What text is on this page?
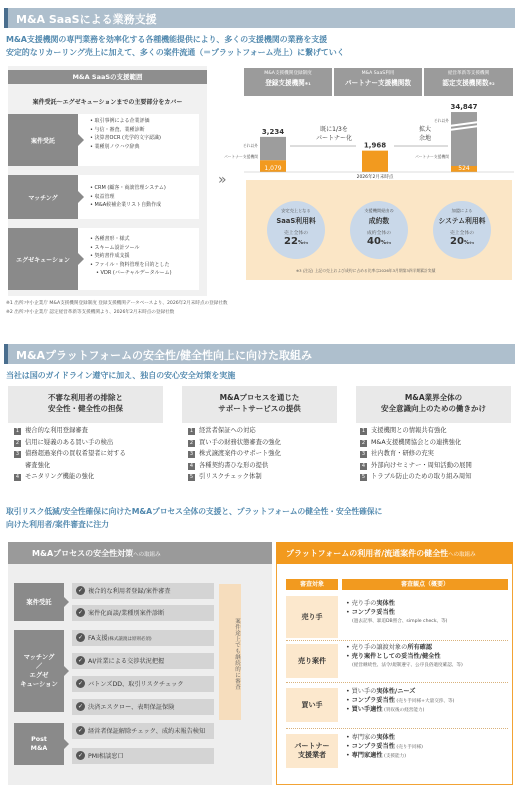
M&A SaaSによる業務支援
M&A支援機関の専門業務を効率化する各種機能提供により、多くの支援機関の業務を支援
安定的なリカーリング売上に加えて、多くの案件流通（＝プラットフォーム売上）に繋げていく
M&A SaaSの支援範囲
案件受託～エグゼキューションまでの主要部分をカバー
案件受託
• 取引事例による企業評価
• 与信・審査、業種診断
• 決算書OCR (光学的文字認識)
• 業種別ノウハウ辞典
マッチング
• CRM (顧客・商談管理システム)
• 収益管理
• M&A候補企業リスト自動作成
エグゼキューション
• 各種書形・様式
• スキーム設計ツール
• 契約書作成支援
• ファイル・資料管理を目的とした
• VDR (バーチャルデータルーム)
»
M&A支援機関登録制度
登録支援機関※1
M&A SaaS利用
パートナー支援機関数
経営革新等支援機関
認定支援機関数※2
1,079
それ以外
パートナー支援機関
3,234
1,968
524
それ以外
パートナー支援機関
34,847
既に1/3を
パートナー化
拡大
余地
2026年2月末時点
安定売上となる
SaaS利用料
売上全体の
22%※3
支援機関経由の
成約数
成約全体の
40%※3
加盟による
システム利用料
売上全体の
20%※3
※3 (注記) 上記の売上および成約に占める比率は2026年3月期第3四半期累計実績
※1 出所:中小企業庁 M&A支援機関登録制度 登録支援機関データベースより、2026年2月末時点の登録社数
※2 出所:中小企業庁 認定経営革新等支援機関より、2026年2月末時点の登録社数
M&Aプラットフォームの安全性/健全性向上に向けた取組み
当社は国のガイドライン遵守に加え、独自の安心安全対策を実施
不審な利用者の排除と
安全性・健全性の担保
M&Aプロセスを通じた
サポートサービスの提供
M&A業界全体の
安全意識向上のための働きかけ
1 複合的な利用登録審査
2 信用に疑義のある買い手の検出
3 債務超過案件の買収希望者に対する
審査強化
4 モニタリング機能の強化
1 経営者保証への対応
2 買い手の財務状態審査の強化
3 株式譲渡案件のサポート強化
4 各種契約書ひな形の提供
5 引リスクチェック体制
1 支援機関との情報共有強化
2 M&A支援機関協会との連携強化
3 社内教育・研修の充実
4 外部向けセミナー・周知活動の展開
5 トラブル防止のための取り組み周知
取引リスク低減/安全性確保に向けたM&Aプロセス全体の支援と、プラットフォームの健全性・安全性確保に
向けた利用者/案件審査に注力
M&Aプロセスの安全性対策への取組み
案件受託
✓ 複合的な利用者登録/案件審査
✓ 案件化面談/業種別案件診断
マッチング
／
エグゼ
キューション
✓ FA支援(株式譲渡は原則必須)
✓ AI/営業による交渉状況把握
✓ バトンズDD、取引リスクチェック
✓ 決済エスクロー、表明保証保険
Post
M&A
✓ 経営者保証解除チェック、成約未報告検知
✓ PMI相談窓口
案件途上でも継続的に審査
プラットフォームの利用者/流通案件の健全性への取組み
審査対象	審査観点（概要）
売り手
• 売り手の実体性
• コンプラ妥当性
(過去記事、暴追DB照合、simple check、等)
売り案件
• 売り手の譲渡対象の所有確認
• 売り案件としての妥当性/健全性
(経営継続性、法令/規制遵守、公序良俗適度確認、等)
買い手
• 買い手の実体性/ニーズ
• コンプラ妥当性 (売り手同様+大量交渉、等)
• 買い手適性 (買収後の経営能力)
パートナー
支援業者
• 専門家の実体性
• コンプラ妥当性 (売り手同様)
• 専門家適性 (支援能力)
